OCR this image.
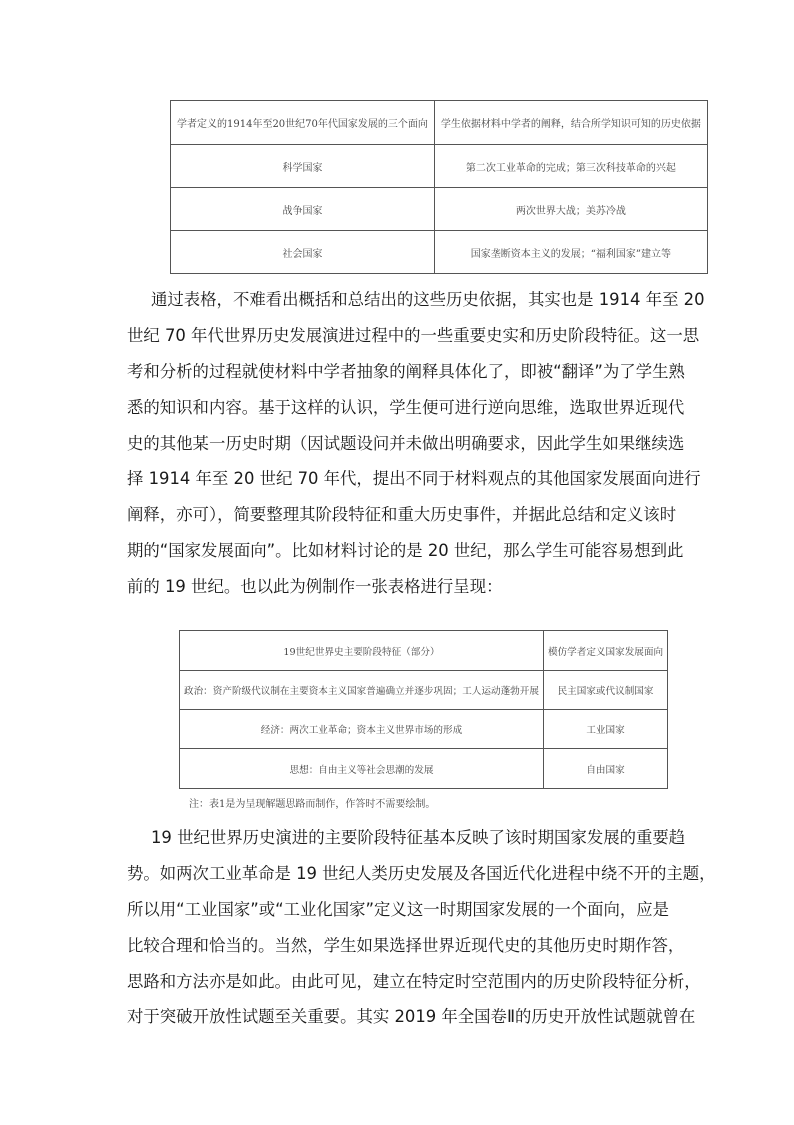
学者定义的1914年至20世纪70年代国家发展的三个面向	学生依据材料中学者的阐释，结合所学知识可知的历史依据
科学国家	第二次工业革命的完成；第三次科技革命的兴起
战争国家	两次世界大战；美苏冷战
社会国家	国家垄断资本主义的发展；“福利国家”建立等
通过表格，不难看出概括和总结出的这些历史依据，其实也是 1914 年至 20
世纪 70 年代世界历史发展演进过程中的一些重要史实和历史阶段特征。这一思
考和分析的过程就使材料中学者抽象的阐释具体化了，即被“翻译”为了学生熟
悉的知识和内容。基于这样的认识，学生便可进行逆向思维，选取世界近现代
史的其他某一历史时期（因试题设问并未做出明确要求，因此学生如果继续选
择 1914 年至 20 世纪 70 年代，提出不同于材料观点的其他国家发展面向进行
阐释，亦可），简要整理其阶段特征和重大历史事件，并据此总结和定义该时
期的“国家发展面向”。比如材料讨论的是 20 世纪，那么学生可能容易想到此
前的 19 世纪。也以此为例制作一张表格进行呈现：
19世纪世界史主要阶段特征（部分）	模仿学者定义国家发展面向
政治：资产阶级代议制在主要资本主义国家普遍确立并逐步巩固；工人运动蓬勃开展	民主国家或代议制国家
经济：两次工业革命；资本主义世界市场的形成	工业国家
思想：自由主义等社会思潮的发展	自由国家
注：表1是为呈现解题思路而制作，作答时不需要绘制。
19 世纪世界历史演进的主要阶段特征基本反映了该时期国家发展的重要趋
势。如两次工业革命是 19 世纪人类历史发展及各国近代化进程中绕不开的主题，
所以用“工业国家”或“工业化国家”定义这一时期国家发展的一个面向，应是
比较合理和恰当的。当然，学生如果选择世界近现代史的其他历史时期作答，
思路和方法亦是如此。由此可见，建立在特定时空范围内的历史阶段特征分析，
对于突破开放性试题至关重要。其实 2019 年全国卷Ⅱ的历史开放性试题就曾在
